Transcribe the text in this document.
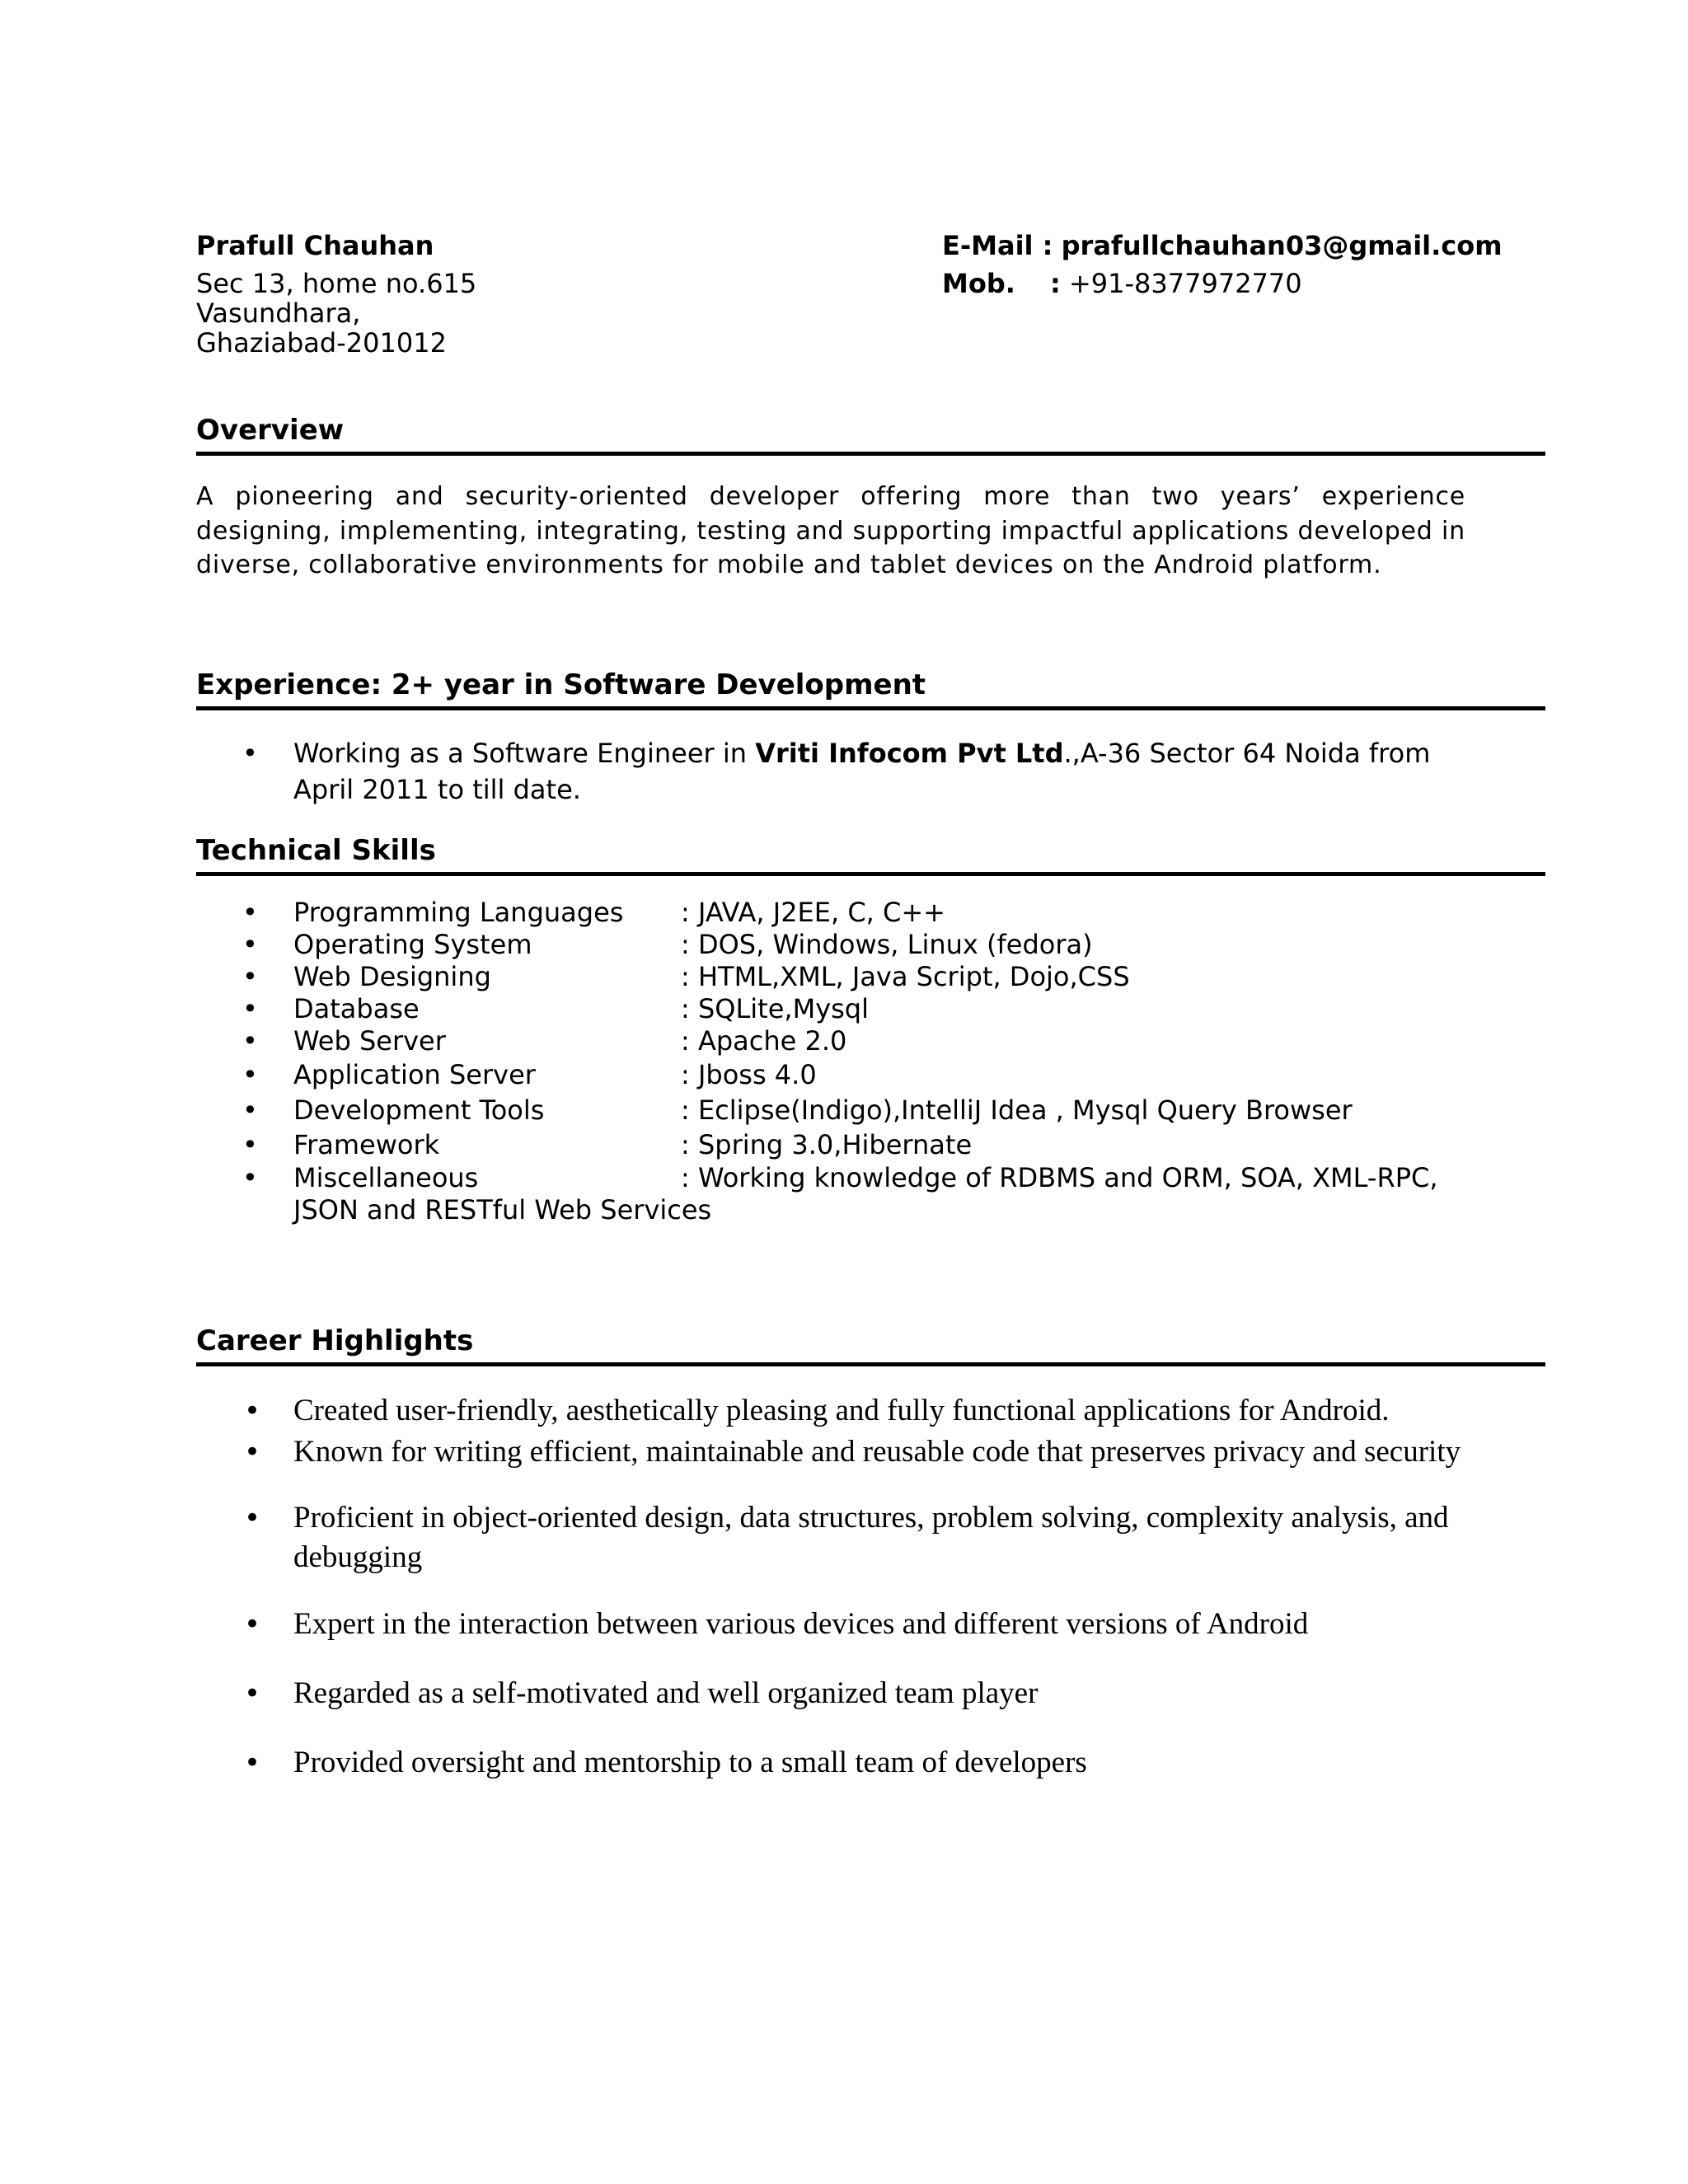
Prafull Chauhan
Sec 13, home no.615
Vasundhara,
Ghaziabad-201012
E-Mail : prafullchauhan03@gmail.com
Mob. : +91-8377972770
Overview
A pioneering and security-oriented developer offering more than two years’ experience designing, implementing, integrating, testing and supporting impactful applications developed in diverse, collaborative environments for mobile and tablet devices on the Android platform.
Experience: 2+ year in Software Development
• Working as a Software Engineer in Vriti Infocom Pvt Ltd.,A-36 Sector 64 Noida from April 2011 to till date.
Technical Skills
• Programming Languages : JAVA, J2EE, C, C++
• Operating System	: DOS, Windows, Linux (fedora)
• Web Designing	: HTML,XML, Java Script, Dojo,CSS
• Database	: SQLite,Mysql
• Web Server	: Apache 2.0
• Application Server	: Jboss 4.0
• Development Tools	: Eclipse(Indigo),IntelliJ Idea , Mysql Query Browser
• Framework	: Spring 3.0,Hibernate
• Miscellaneous	: Working knowledge of RDBMS and ORM, SOA, XML-RPC,
JSON and RESTful Web Services
Career Highlights
• Created user-friendly, aesthetically pleasing and fully functional applications for Android.
• Known for writing efficient, maintainable and reusable code that preserves privacy and security
• Proficient in object-oriented design, data structures, problem solving, complexity analysis, and debugging
• Expert in the interaction between various devices and different versions of Android
• Regarded as a self-motivated and well organized team player
• Provided oversight and mentorship to a small team of developers
